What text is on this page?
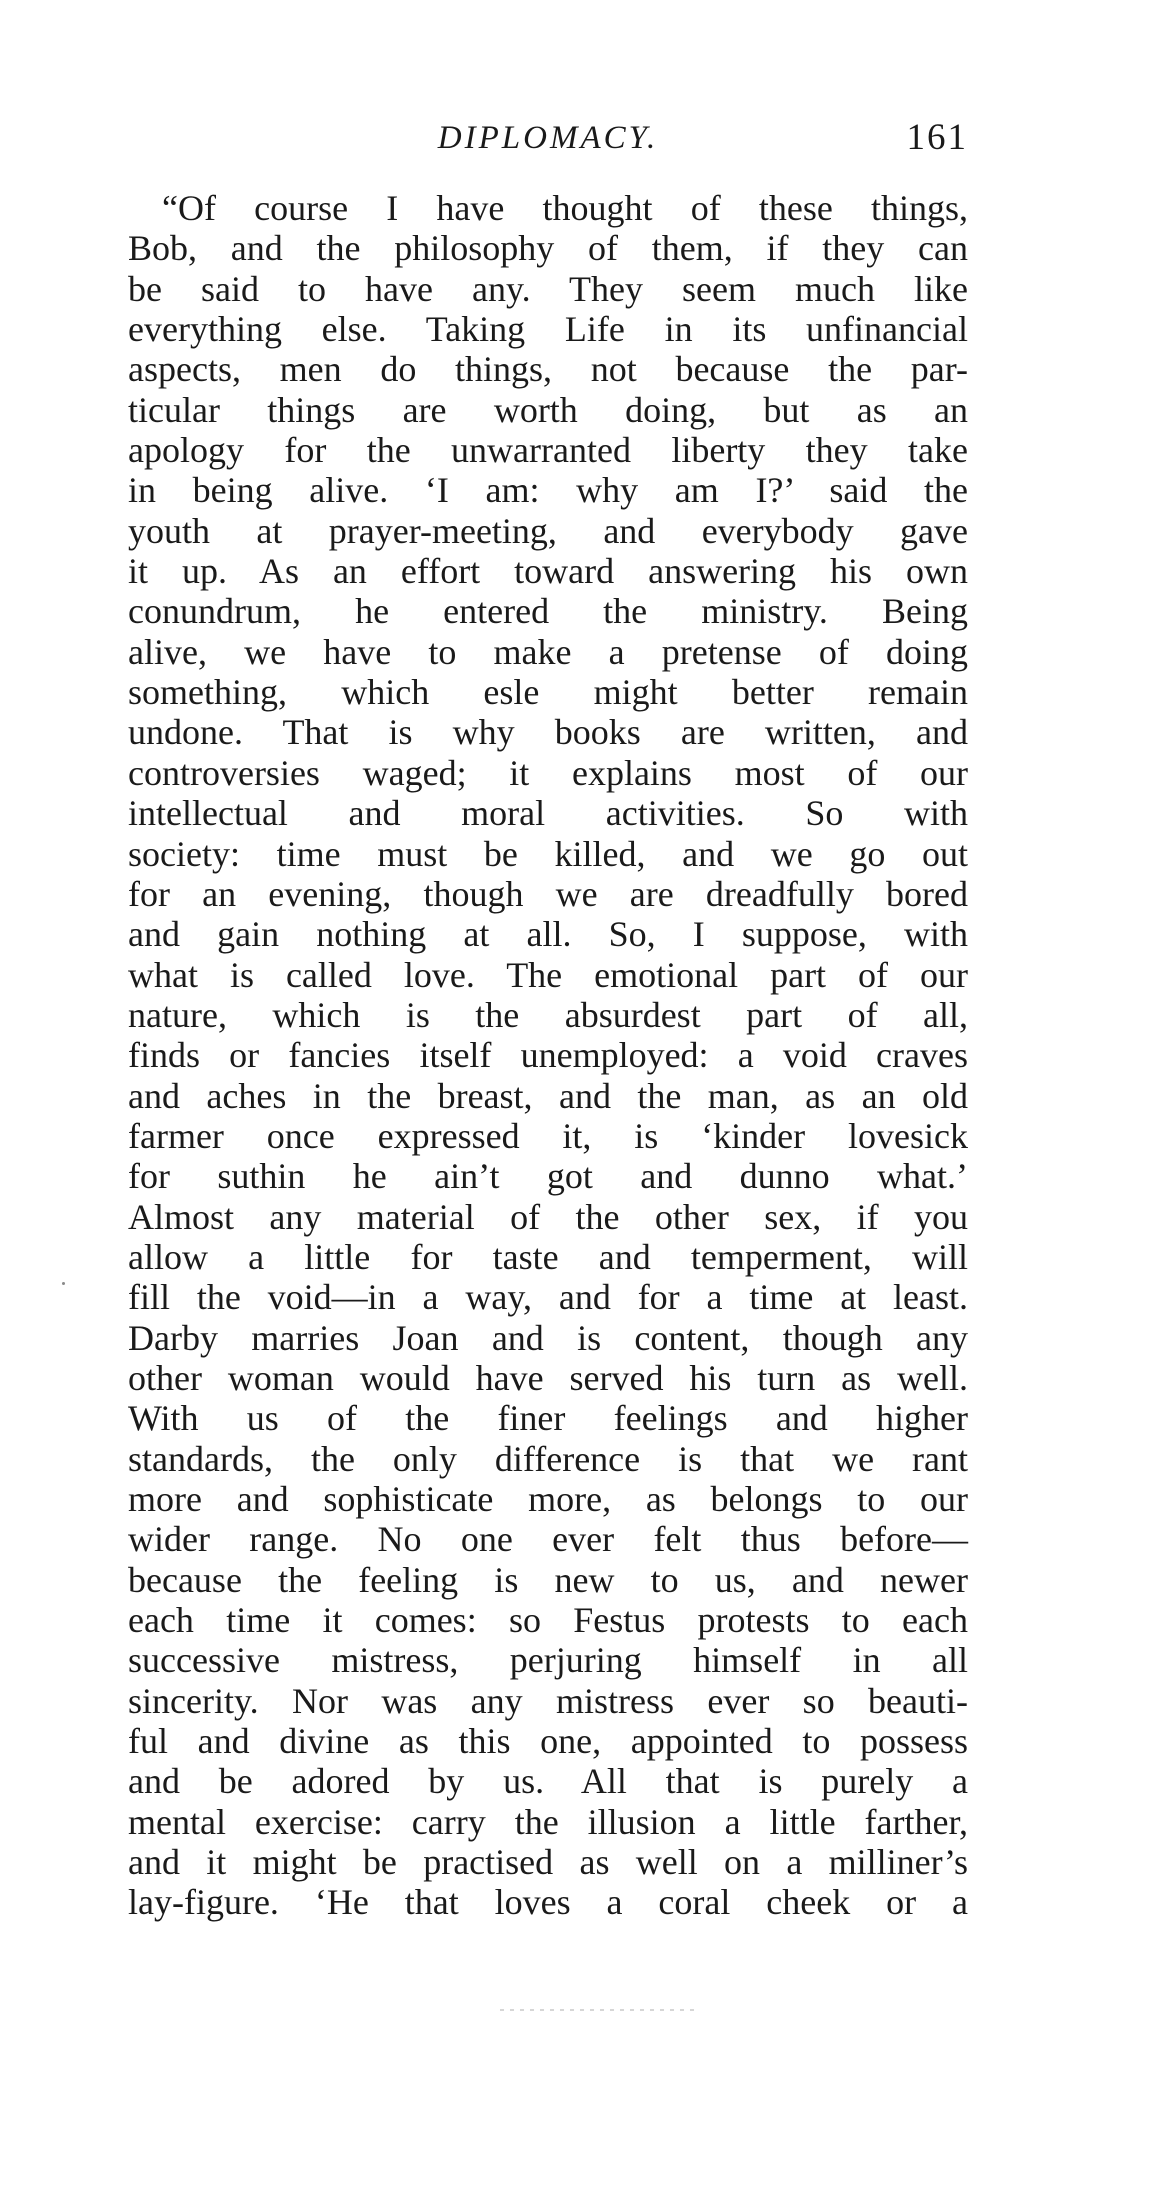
DIPLOMACY.	161
“Of course I have thought of these things,
Bob, and the philosophy of them, if they can
be said to have any. They seem much like
everything else. Taking Life in its unfinancial
aspects, men do things, not because the par-
ticular things are worth doing, but as an
apology for the unwarranted liberty they take
in being alive. ‘I am: why am I?’ said the
youth at prayer-meeting, and everybody gave
it up. As an effort toward answering his own
conundrum, he entered the ministry. Being
alive, we have to make a pretense of doing
something, which esle might better remain
undone. That is why books are written, and
controversies waged; it explains most of our
intellectual and moral activities. So with
society: time must be killed, and we go out
for an evening, though we are dreadfully bored
and gain nothing at all. So, I suppose, with
what is called love. The emotional part of our
nature, which is the absurdest part of all,
finds or fancies itself unemployed: a void craves
and aches in the breast, and the man, as an old
farmer once expressed it, is ‘kinder lovesick
for suthin he ain’t got and dunno what.’
Almost any material of the other sex, if you
allow a little for taste and temperment, will
fill the void—in a way, and for a time at least.
Darby marries Joan and is content, though any
other woman would have served his turn as well.
With us of the finer feelings and higher
standards, the only difference is that we rant
more and sophisticate more, as belongs to our
wider range. No one ever felt thus before—
because the feeling is new to us, and newer
each time it comes: so Festus protests to each
successive mistress, perjuring himself in all
sincerity. Nor was any mistress ever so beauti-
ful and divine as this one, appointed to possess
and be adored by us. All that is purely a
mental exercise: carry the illusion a little farther,
and it might be practised as well on a milliner’s
lay-figure. ‘He that loves a coral cheek or a
